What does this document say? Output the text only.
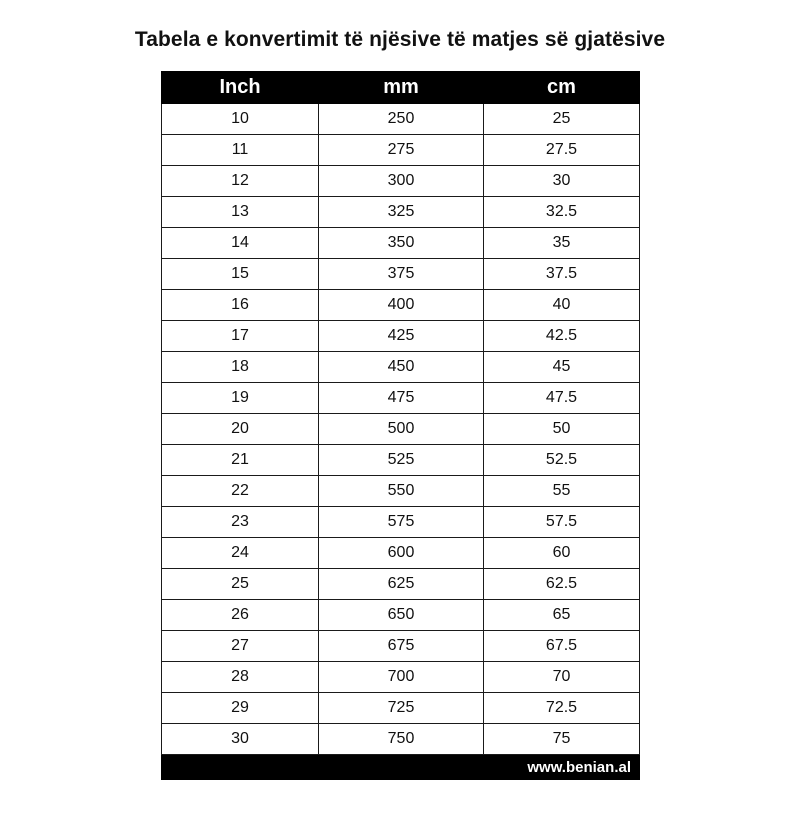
Tabela e konvertimit të njësive të matjes së gjatësive
Inch	mm	cm
10	250	25
11	275	27.5
12	300	30
13	325	32.5
14	350	35
15	375	37.5
16	400	40
17	425	42.5
18	450	45
19	475	47.5
20	500	50
21	525	52.5
22	550	55
23	575	57.5
24	600	60
25	625	62.5
26	650	65
27	675	67.5
28	700	70
29	725	72.5
30	750	75
www.benian.al		
